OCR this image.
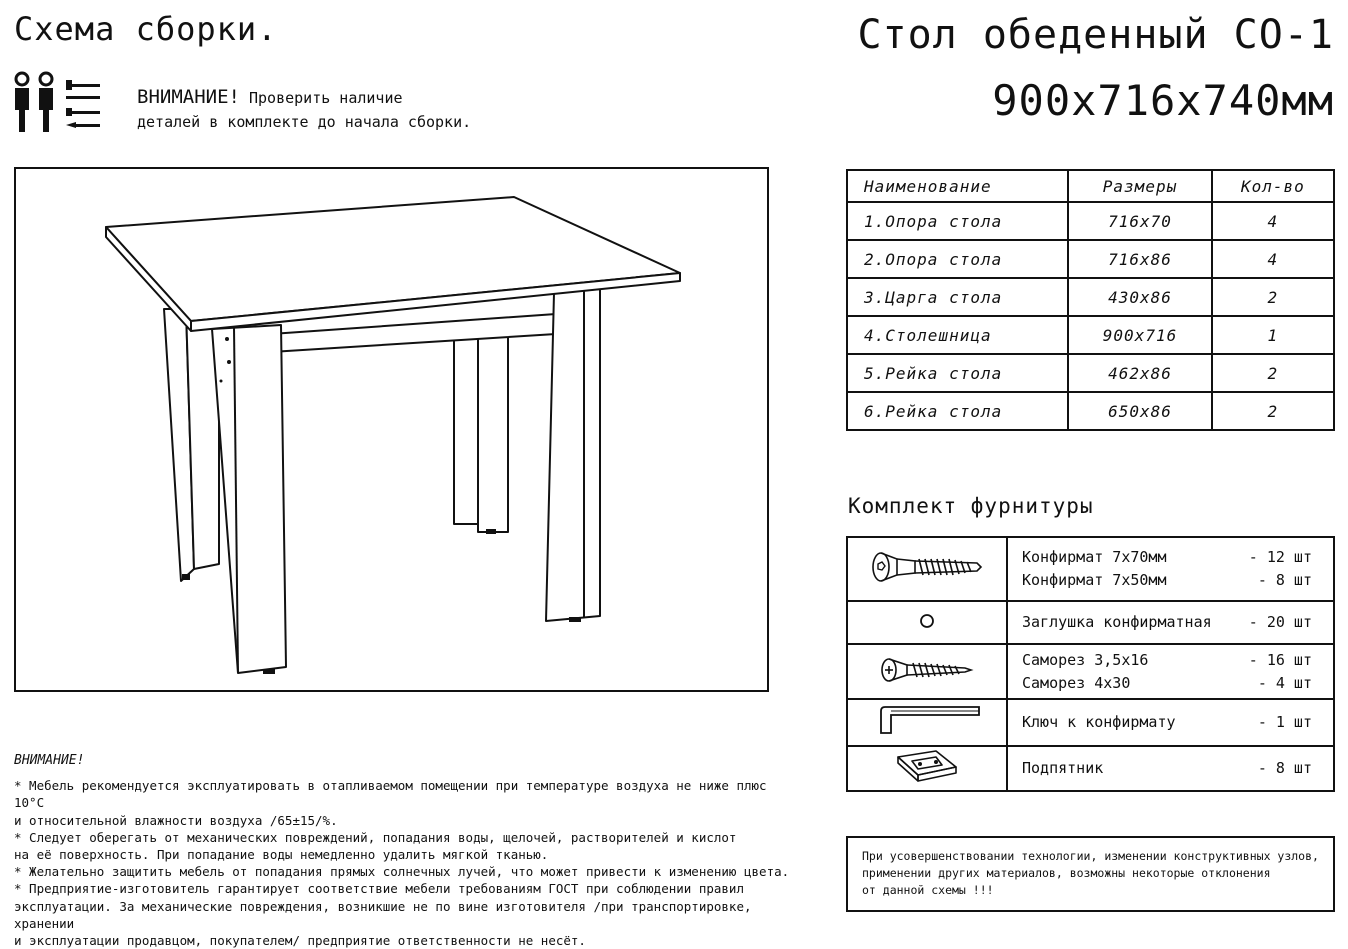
Схема сборки.	Стол обеденный СО-1
900х716х740мм
ВНИМАНИЕ! Проверить наличие
деталей в комплекте до начала сборки.
Наименование	Размеры	Кол-во
1.Опора стола	716x70	4
2.Опора стола	716x86	4
3.Царга стола	430x86	2
4.Столешница	900x716	1
5.Рейка стола	462x86	2
6.Рейка стола	650x86	2
Комплект фурнитуры

Конфирмат 7х70мм - 12 шт
Конфирмат 7х50мм - 8 шт

Заглушка конфирматная - 20 шт

Саморез 3,5х16 - 16 шт
Саморез 4х30 - 4 шт

Ключ к конфирмату - 1 шт

Подпятник - 8 шт
ВНИМАНИЕ!
* Мебель рекомендуется эксплуатировать в отапливаемом помещении при температуре воздуха не ниже плюс 10°С
и относительной влажности воздуха /65±15/%.
* Следует оберегать от механических повреждений, попадания воды, щелочей, растворителей и кислот
на её поверхность. При попадание воды немедленно удалить мягкой тканью.
* Желательно защитить мебель от попадания прямых солнечных лучей, что может привести к изменению цвета.
* Предприятие-изготовитель гарантирует соответствие мебели требованиям ГОСТ при соблюдении правил
эксплуатации. За механические повреждения, возникшие не по вине изготовителя /при транспортировке, хранении
и эксплуатации продавцом, покупателем/ предприятие ответственности не несёт.
При усовершенствовании технологии, изменении конструктивных узлов,
применении других материалов, возможны некоторые отклонения
от данной схемы !!!
